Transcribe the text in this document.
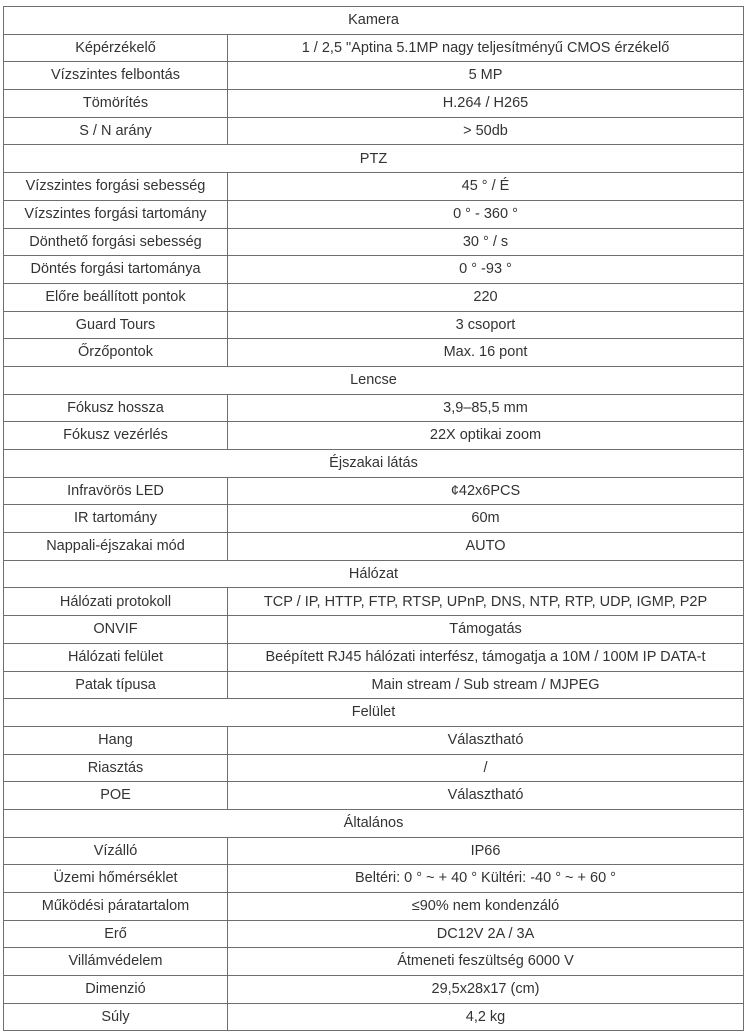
Kamera	
Képérzékelő	1 / 2,5 "Aptina 5.1MP nagy teljesítményű CMOS érzékelő
Vízszintes felbontás	5 MP
Tömörítés	H.264 / H265
S / N arány	> 50db
PTZ	
Vízszintes forgási sebesség	45 ° / É
Vízszintes forgási tartomány	0 ° - 360 °
Dönthető forgási sebesség	30 ° / s
Döntés forgási tartománya	0 ° -93 °
Előre beállított pontok	220
Guard Tours	3 csoport
Őrzőpontok	Max. 16 pont
Lencse	
Fókusz hossza	3,9–85,5 mm
Fókusz vezérlés	22X optikai zoom
Éjszakai látás	
Infravörös LED	¢42x6PCS
IR tartomány	60m
Nappali-éjszakai mód	AUTO
Hálózat	
Hálózati protokoll	TCP / IP, HTTP, FTP, RTSP, UPnP, DNS, NTP, RTP, UDP, IGMP, P2P
ONVIF	Támogatás
Hálózati felület	Beépített RJ45 hálózati interfész, támogatja a 10M / 100M IP DATA-t
Patak típusa	Main stream / Sub stream / MJPEG
Felület	
Hang	Választható
Riasztás	/
POE	Választható
Általános	
Vízálló	IP66
Üzemi hőmérséklet	Beltéri: 0 ° ~ + 40 ° Kültéri: -40 ° ~ + 60 °
Működési páratartalom	≤90% nem kondenzáló
Erő	DC12V 2A / 3A
Villámvédelem	Átmeneti feszültség 6000 V
Dimenzió	29,5x28x17 (cm)
Súly	4,2 kg
